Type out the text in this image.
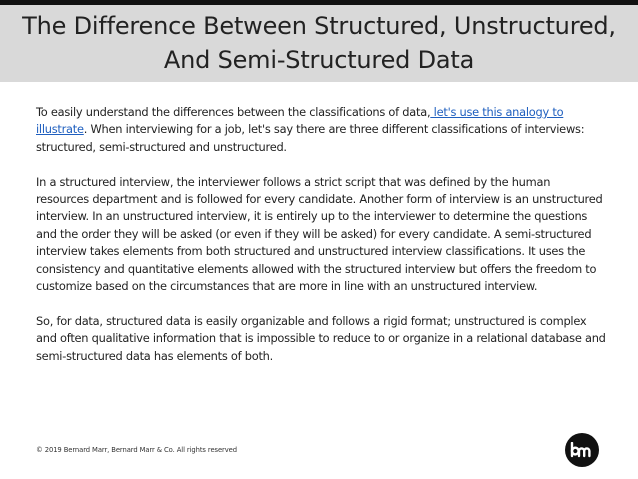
The Difference Between Structured, Unstructured, And Semi-Structured Data

To easily understand the differences between the classifications of data, let's use this analogy to illustrate. When interviewing for a job, let's say there are three different classifications of interviews: structured, semi-structured and unstructured.

In a structured interview, the interviewer follows a strict script that was defined by the human resources department and is followed for every candidate. Another form of interview is an unstructured interview. In an unstructured interview, it is entirely up to the interviewer to determine the questions and the order they will be asked (or even if they will be asked) for every candidate. A semi-structured interview takes elements from both structured and unstructured interview classifications. It uses the consistency and quantitative elements allowed with the structured interview but offers the freedom to customize based on the circumstances that are more in line with an unstructured interview.

So, for data, structured data is easily organizable and follows a rigid format; unstructured is complex and often qualitative information that is impossible to reduce to or organize in a relational database and semi-structured data has elements of both.

© 2019 Bernard Marr, Bernard Marr & Co. All rights reserved
